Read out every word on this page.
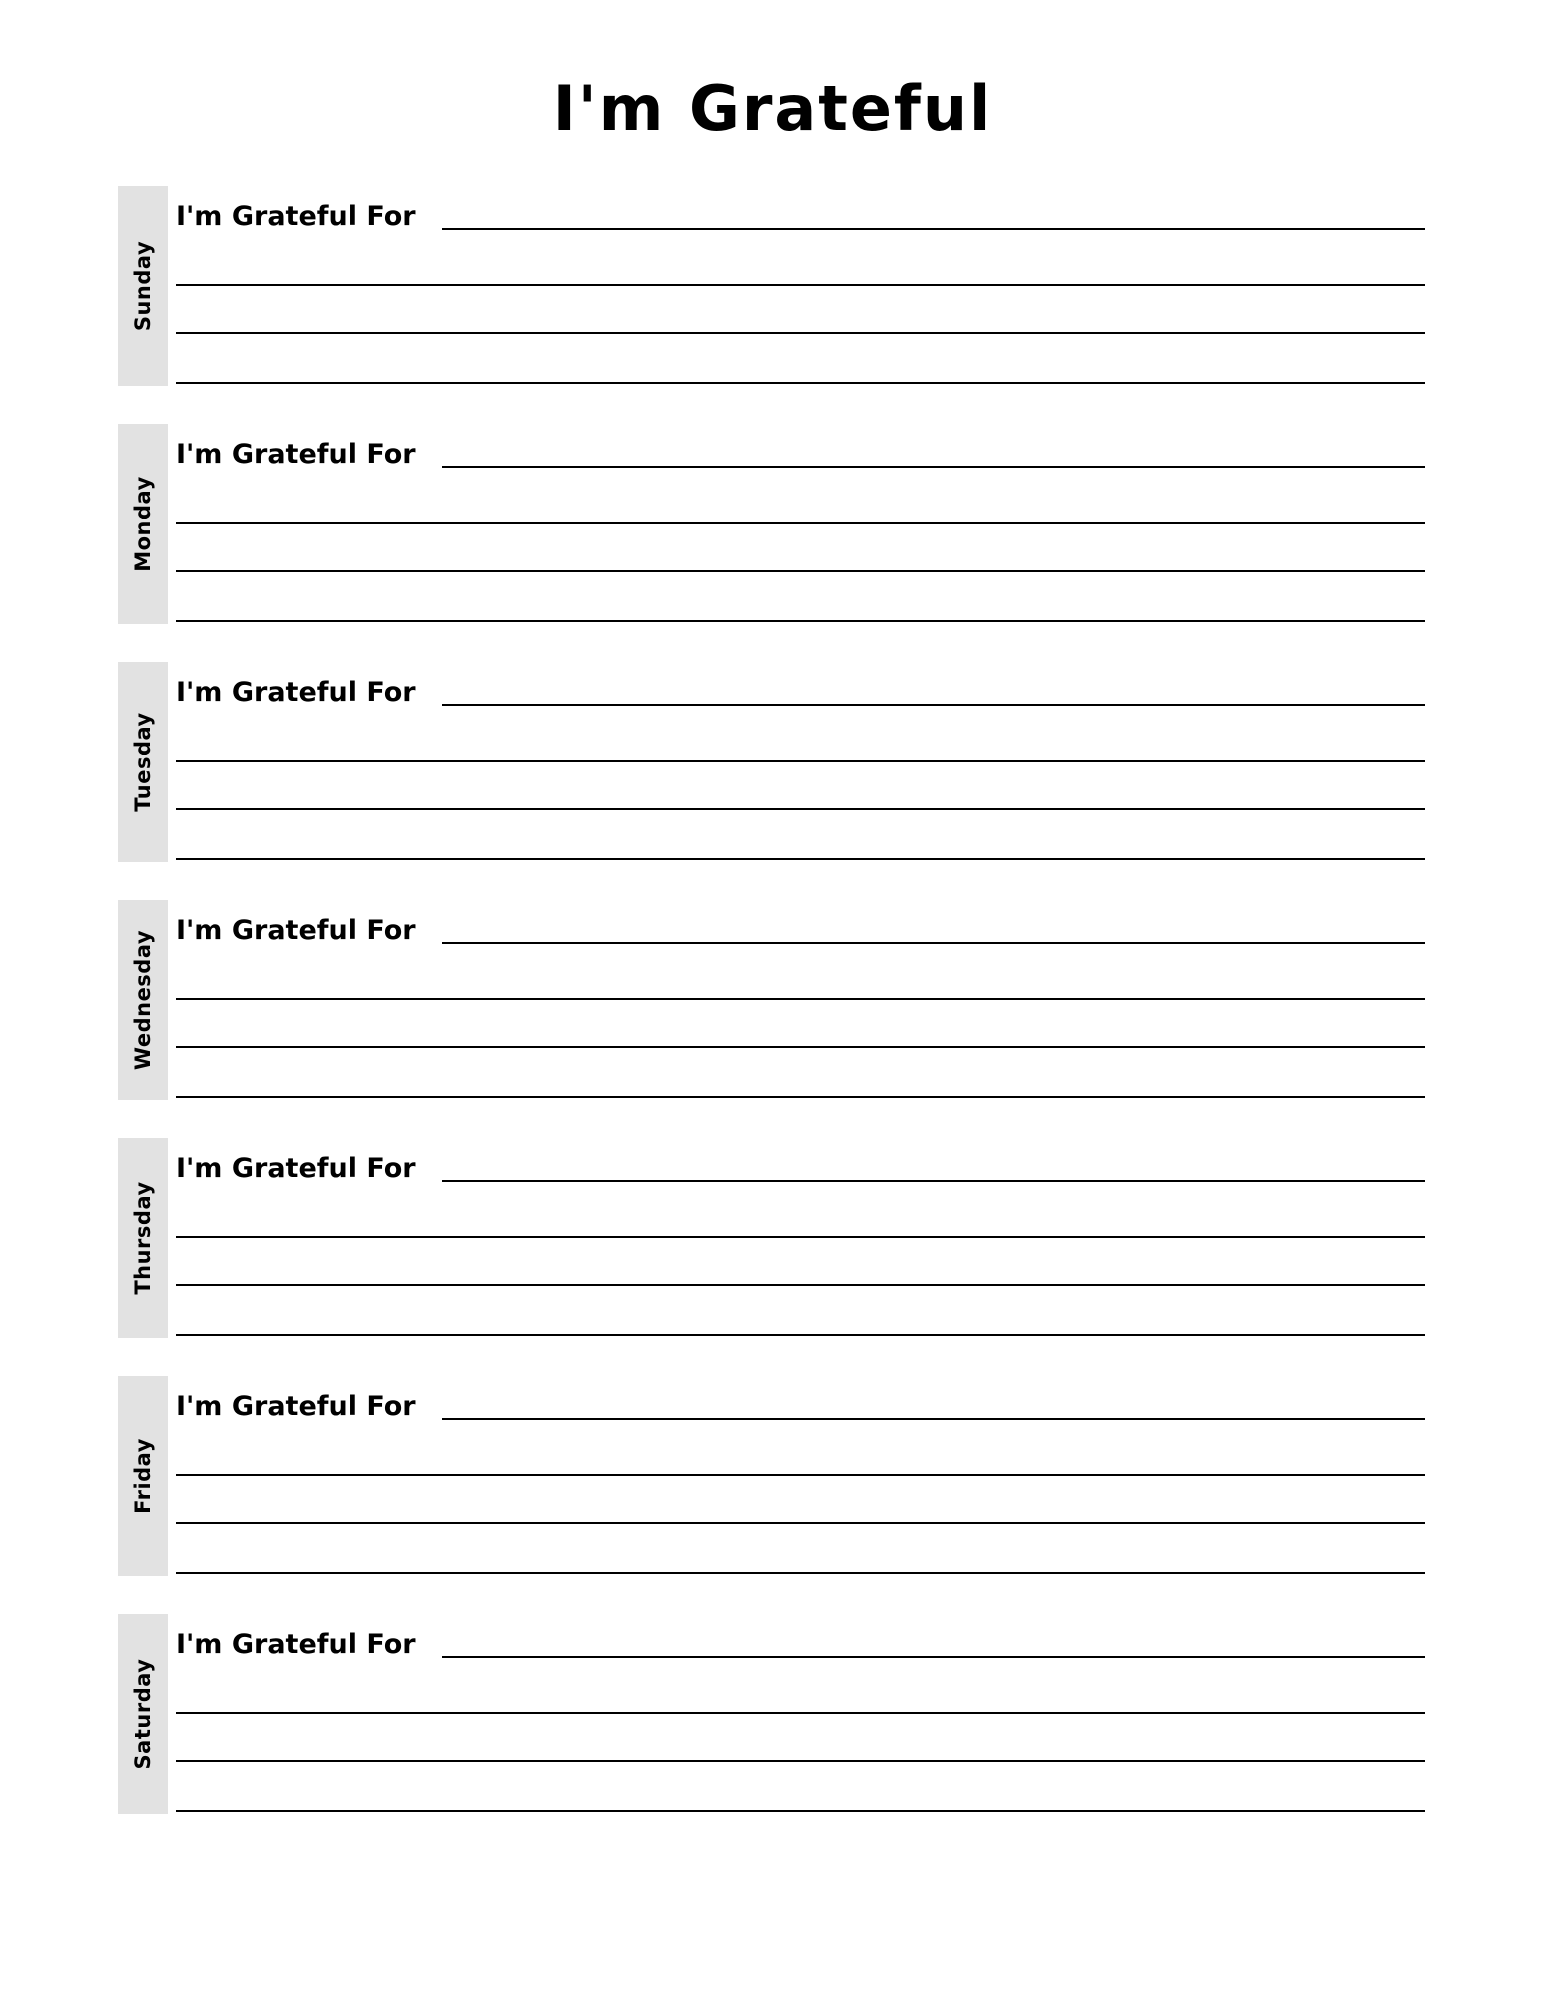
I'm Grateful
Sunday
I'm Grateful For
Monday
I'm Grateful For
Tuesday
I'm Grateful For
Wednesday I'm Grateful For
Thursday
I'm Grateful For
Friday
I'm Grateful For
Saturday
I'm Grateful For
